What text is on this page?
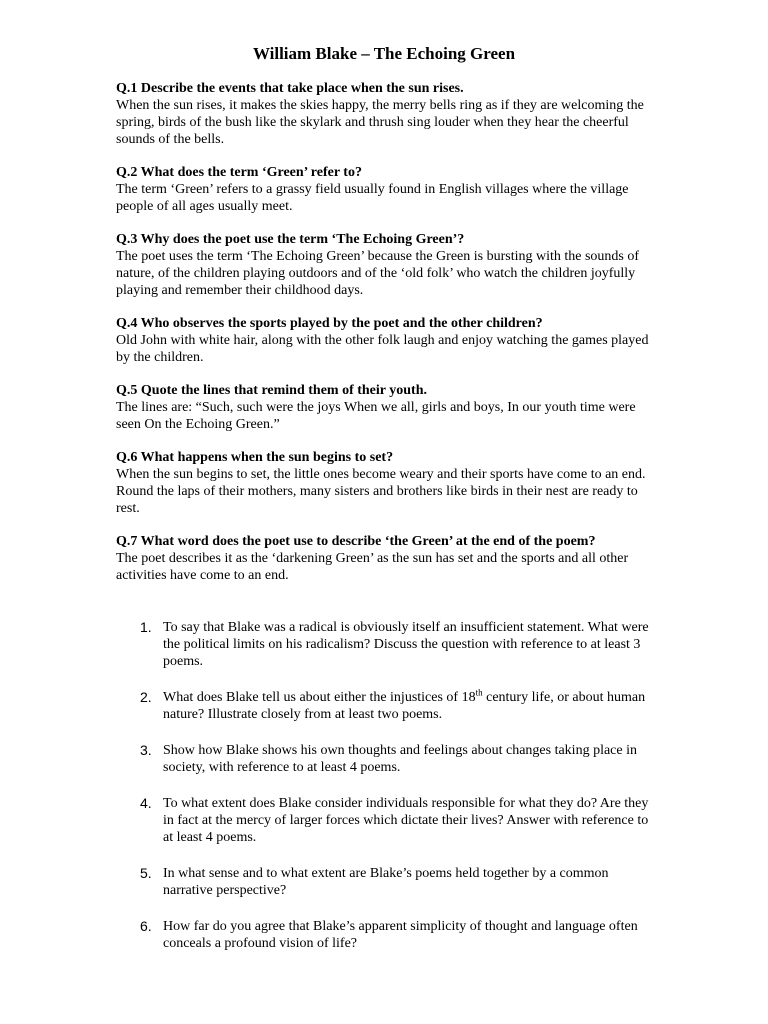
William Blake – The Echoing Green
Q.1 Describe the events that take place when the sun rises.
When the sun rises, it makes the skies happy, the merry bells ring as if they are welcoming the spring, birds of the bush like the skylark and thrush sing louder when they hear the cheerful sounds of the bells.
Q.2 What does the term ‘Green’ refer to?
The term ‘Green’ refers to a grassy field usually found in English villages where the village people of all ages usually meet.
Q.3 Why does the poet use the term ‘The Echoing Green’?
The poet uses the term ‘The Echoing Green’ because the Green is bursting with the sounds of nature, of the children playing outdoors and of the ‘old folk’ who watch the children joyfully playing and remember their childhood days.
Q.4 Who observes the sports played by the poet and the other children?
Old John with white hair, along with the other folk laugh and enjoy watching the games played by the children.
Q.5 Quote the lines that remind them of their youth.
The lines are: “Such, such were the joys When we all, girls and boys, In our youth time were seen On the Echoing Green.”
Q.6 What happens when the sun begins to set?
When the sun begins to set, the little ones become weary and their sports have come to an end. Round the laps of their mothers, many sisters and brothers like birds in their nest are ready to rest.
Q.7 What word does the poet use to describe ‘the Green’ at the end of the poem?
The poet describes it as the ‘darkening Green’ as the sun has set and the sports and all other activities have come to an end.
1. To say that Blake was a radical is obviously itself an insufficient statement. What were the political limits on his radicalism? Discuss the question with reference to at least 3 poems.
2. What does Blake tell us about either the injustices of 18th century life, or about human nature? Illustrate closely from at least two poems.
3. Show how Blake shows his own thoughts and feelings about changes taking place in society, with reference to at least 4 poems.
4. To what extent does Blake consider individuals responsible for what they do? Are they in fact at the mercy of larger forces which dictate their lives? Answer with reference to at least 4 poems.
5. In what sense and to what extent are Blake’s poems held together by a common narrative perspective?
6. How far do you agree that Blake’s apparent simplicity of thought and language often conceals a profound vision of life?
